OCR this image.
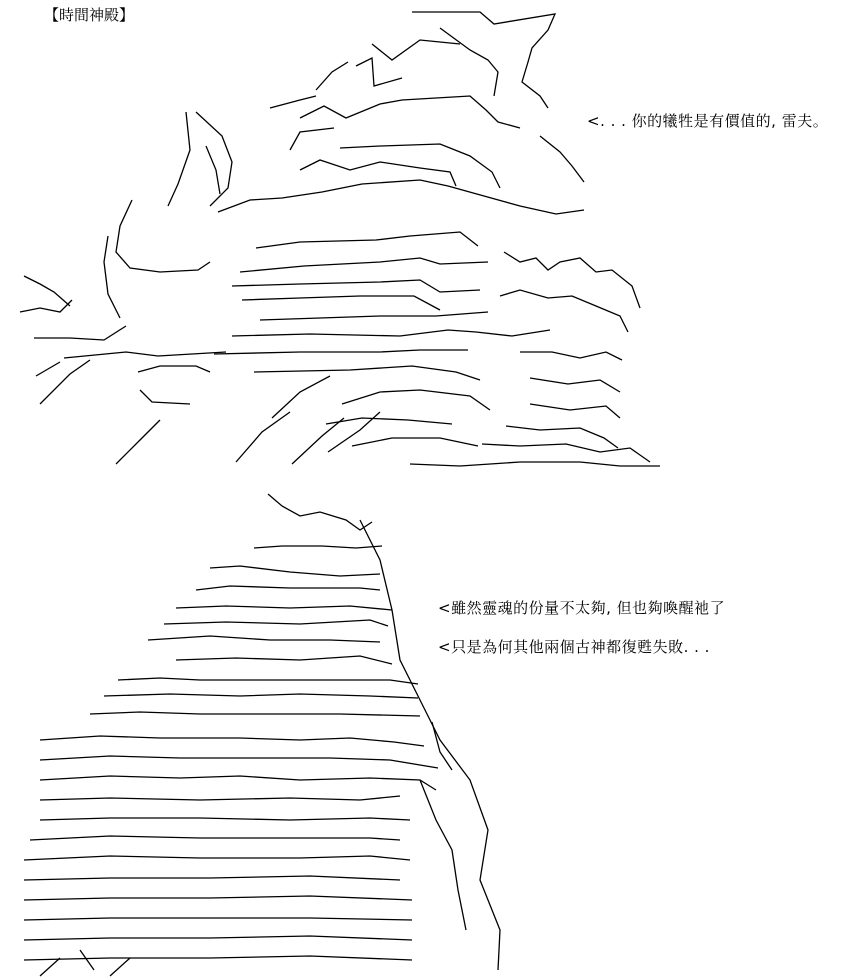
【時間神殿】
<. . . 你的犧牲是有價值的, 雷夫。
<雖然靈魂的份量不太夠, 但也夠喚醒祂了
<只是為何其他兩個古神都復甦失敗. . .
